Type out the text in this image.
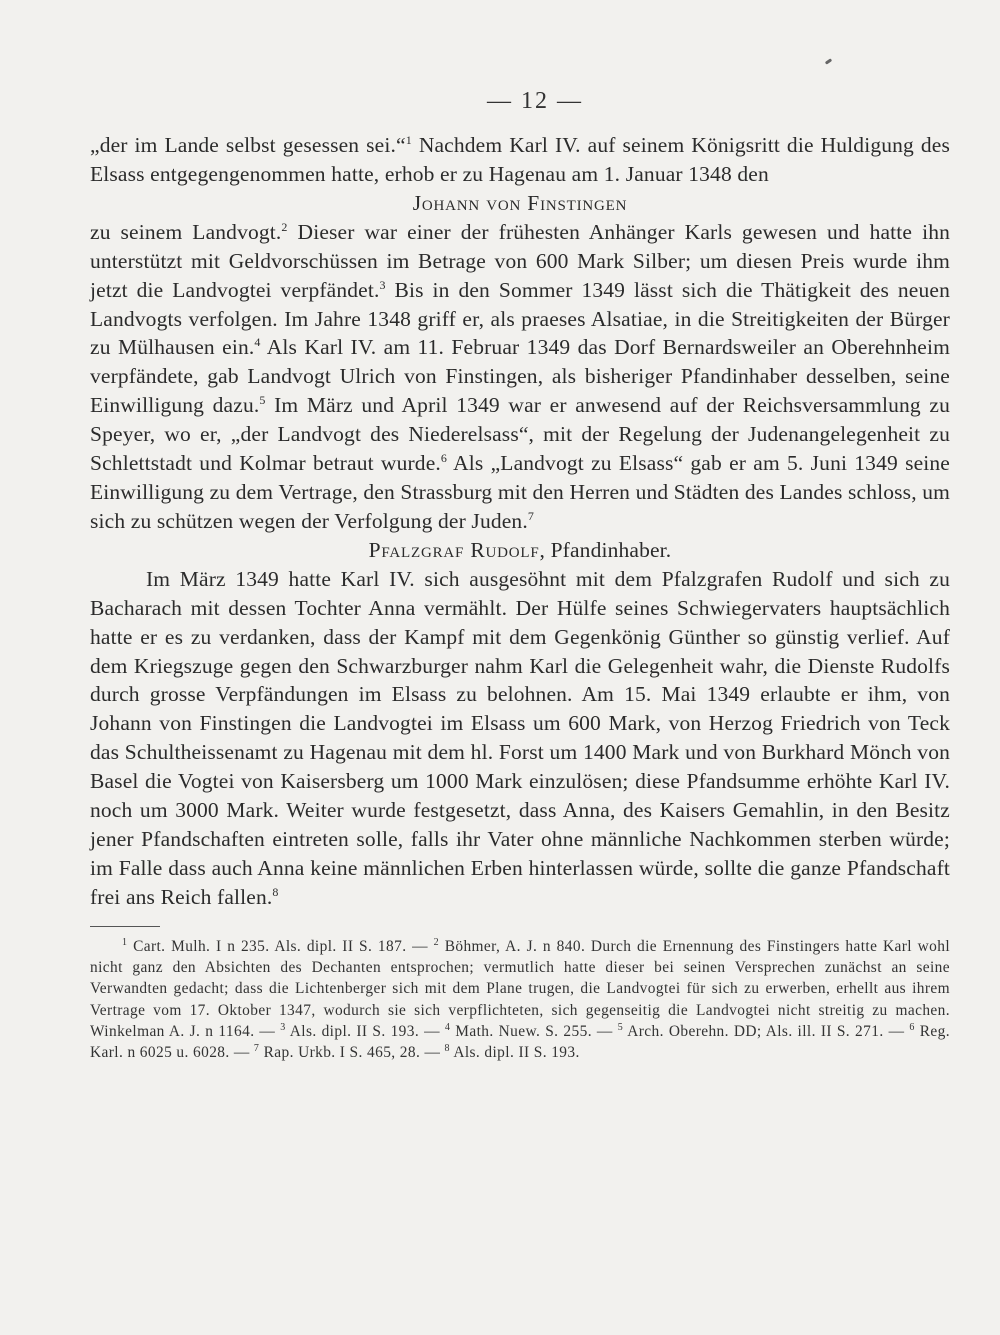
— 12 —

„der im Lande selbst gesessen sei.“$^1$ Nachdem Karl IV. auf seinem Königsritt die Huldigung des Elsass entgegengenommen hatte, erhob er zu Hagenau am 1. Januar 1348 den

Johann von Finstingen

zu seinem Landvogt.$^2$ Dieser war einer der frühesten Anhänger Karls gewesen und hatte ihn unterstützt mit Geldvorschüssen im Betrage von 600 Mark Silber; um diesen Preis wurde ihm jetzt die Landvogtei verpfändet.$^3$ Bis in den Sommer 1349 lässt sich die Thätigkeit des neuen Landvogts verfolgen. Im Jahre 1348 griff er, als praeses Alsatiae, in die Streitigkeiten der Bürger zu Mülhausen ein.$^4$ Als Karl IV. am 11. Februar 1349 das Dorf Bernardsweiler an Oberehnheim verpfändete, gab Landvogt Ulrich von Finstingen, als bisheriger Pfandinhaber desselben, seine Einwilligung dazu.$^5$ Im März und April 1349 war er anwesend auf der Reichsversammlung zu Speyer, wo er, „der Landvogt des Niederelsass“, mit der Regelung der Judenangelegenheit zu Schlettstadt und Kolmar betraut wurde.$^6$ Als „Landvogt zu Elsass“ gab er am 5. Juni 1349 seine Einwilligung zu dem Vertrage, den Strassburg mit den Herren und Städten des Landes schloss, um sich zu schützen wegen der Verfolgung der Juden.$^7$

Pfalzgraf Rudolf, Pfandinhaber.

Im März 1349 hatte Karl IV. sich ausgesöhnt mit dem Pfalzgrafen Rudolf und sich zu Bacharach mit dessen Tochter Anna vermählt. Der Hülfe seines Schwiegervaters hauptsächlich hatte er es zu verdanken, dass der Kampf mit dem Gegenkönig Günther so günstig verlief. Auf dem Kriegszuge gegen den Schwarzburger nahm Karl die Gelegenheit wahr, die Dienste Rudolfs durch grosse Verpfändungen im Elsass zu belohnen. Am 15. Mai 1349 erlaubte er ihm, von Johann von Finstingen die Landvogtei im Elsass um 600 Mark, von Herzog Friedrich von Teck das Schultheissenamt zu Hagenau mit dem hl. Forst um 1400 Mark und von Burkhard Mönch von Basel die Vogtei von Kaisersberg um 1000 Mark einzulösen; diese Pfandsumme erhöhte Karl IV. noch um 3000 Mark. Weiter wurde festgesetzt, dass Anna, des Kaisers Gemahlin, in den Besitz jener Pfandschaften eintreten solle, falls ihr Vater ohne männliche Nachkommen sterben würde; im Falle dass auch Anna keine männlichen Erben hinterlassen würde, sollte die ganze Pfandschaft frei ans Reich fallen.$^8$

$^1$ Cart. Mulh. I n 235. Als. dipl. II S. 187. — $^2$ Böhmer, A. J. n 840. Durch die Ernennung des Finstingers hatte Karl wohl nicht ganz den Absichten des Dechanten entsprochen; vermutlich hatte dieser bei seinen Versprechen zunächst an seine Verwandten gedacht; dass die Lichtenberger sich mit dem Plane trugen, die Landvogtei für sich zu erwerben, erhellt aus ihrem Vertrage vom 17. Oktober 1347, wodurch sie sich verpflichteten, sich gegenseitig die Landvogtei nicht streitig zu machen. Winkelman A. J. n 1164. — $^3$ Als. dipl. II S. 193. — $^4$ Math. Nuew. S. 255. — $^5$ Arch. Oberehn. DD; Als. ill. II S. 271. — $^6$ Reg. Karl. n 6025 u. 6028. — $^7$ Rap. Urkb. I S. 465, 28. — $^8$ Als. dipl. II S. 193.
